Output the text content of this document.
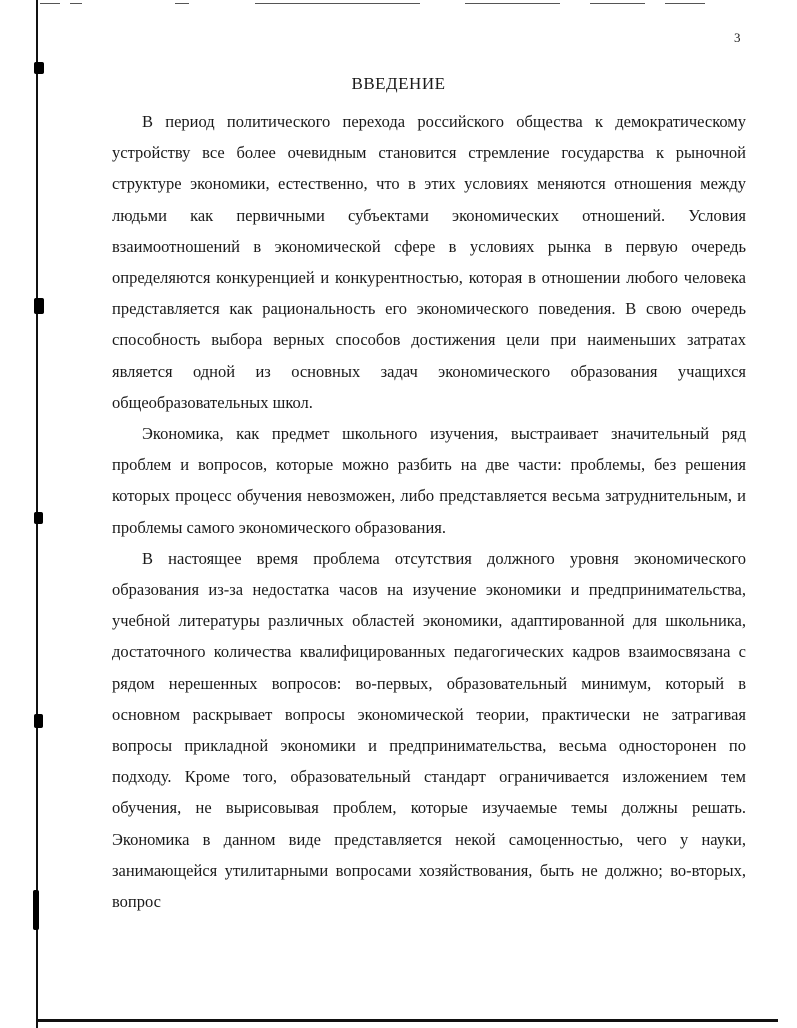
3
ВВЕДЕНИЕ

В период политического перехода российского общества к демократическому устройству все более очевидным становится стремление государства к рыночной структуре экономики, естественно, что в этих условиях меняются отношения между людьми как первичными субъектами экономических отношений. Условия взаимоотношений в экономической сфере в условиях рынка в первую очередь определяются конкуренцией и конкурентностью, которая в отношении любого человека представляется как рациональность его экономического поведения. В свою очередь способность выбора верных способов достижения цели при наименьших затратах является одной из основных задач экономического образования учащихся общеобразовательных школ.

Экономика, как предмет школьного изучения, выстраивает значительный ряд проблем и вопросов, которые можно разбить на две части: проблемы, без решения которых процесс обучения невозможен, либо представляется весьма затруднительным, и проблемы самого экономического образования.

В настоящее время проблема отсутствия должного уровня экономического образования из-за недостатка часов на изучение экономики и предпринимательства, учебной литературы различных областей экономики, адаптированной для школьника, достаточного количества квалифицированных педагогических кадров взаимосвязана с рядом нерешенных вопросов: во-первых, образовательный минимум, который в основном раскрывает вопросы экономической теории, практически не затрагивая вопросы прикладной экономики и предпринимательства, весьма односторонен по подходу. Кроме того, образовательный стандарт ограничивается изложением тем обучения, не вырисовывая проблем, которые изучаемые темы должны решать. Экономика в данном виде представляется некой самоценностью, чего у науки, занимающейся утилитарными вопросами хозяйствования, быть не должно; во-вторых, вопрос
